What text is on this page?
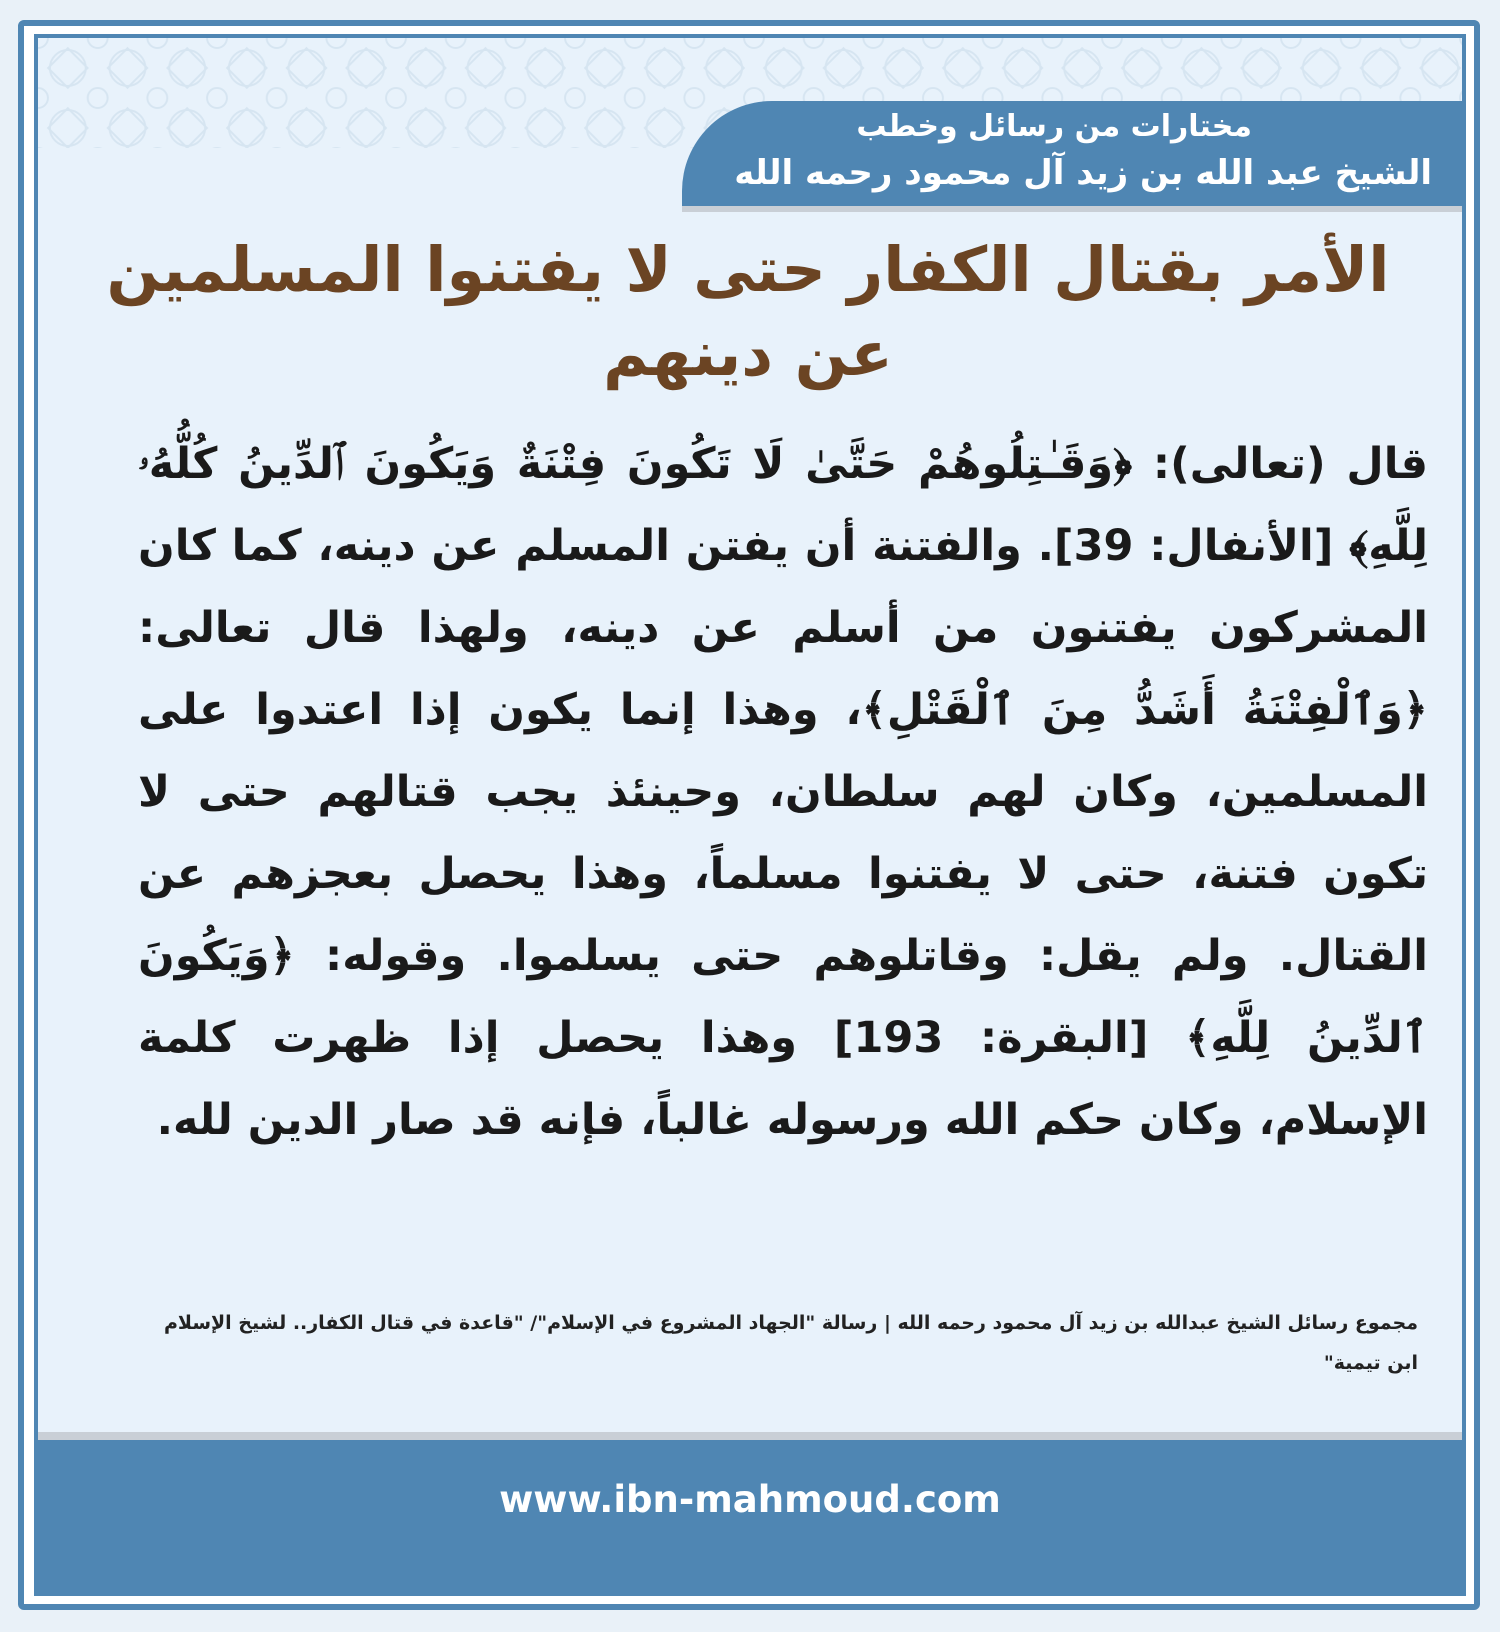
مختارات من رسائل وخطب
الشيخ عبد الله بن زيد آل محمود رحمه الله
الأمر بقتال الكفار حتى لا يفتنوا المسلمين عن دينهم
قال (تعالى): ﴿وَقَـٰتِلُوهُمْ حَتَّىٰ لَا تَكُونَ فِتْنَةٌ وَيَكُونَ ٱلدِّينُ كُلُّهُۥ لِلَّهِ﴾ [الأنفال: 39]. والفتنة أن يفتن المسلم عن دينه، كما كان المشركون يفتنون من أسلم عن دينه، ولهذا قال تعالى: ﴿وَٱلْفِتْنَةُ أَشَدُّ مِنَ ٱلْقَتْلِ﴾، وهذا إنما يكون إذا اعتدوا على المسلمين، وكان لهم سلطان، وحينئذ يجب قتالهم حتى لا تكون فتنة، حتى لا يفتنوا مسلماً، وهذا يحصل بعجزهم عن القتال. ولم يقل: وقاتلوهم حتى يسلموا. وقوله: ﴿وَيَكُونَ ٱلدِّينُ لِلَّهِ﴾ [البقرة: 193] وهذا يحصل إذا ظهرت كلمة الإسلام، وكان حكم الله ورسوله غالباً، فإنه قد صار الدين لله.
مجموع رسائل الشيخ عبدالله بن زيد آل محمود رحمه الله | رسالة "الجهاد المشروع في الإسلام"/ "قاعدة في قتال الكفار.. لشيخ الإسلام ابن تيمية"
www.ibn-mahmoud.com
